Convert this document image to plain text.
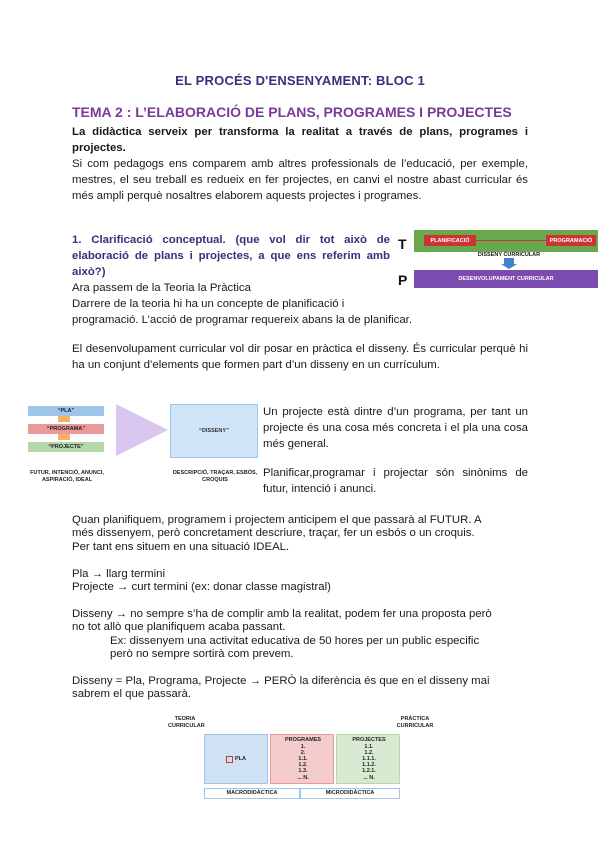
EL PROCÉS D'ENSENYAMENT: BLOC 1
TEMA 2 : L’ELABORACIÓ DE PLANS, PROGRAMES I PROJECTES
La didàctica serveix per transforma la realitat a través de plans, programes i projectes.
Si com pedagogs ens comparem amb altres professionals de l’educació, per exemple, mestres, el seu treball es redueix en fer projectes, en canvi el nostre abast curricular és més ampli perquè nosaltres elaborem aquests projectes i programes.
1. Clarificació conceptual. (que vol dir tot això de elaboració de plans i projectes, a que ens referim amb això?)
Ara passem de la Teoria la Pràctica
Darrere de la teoria hi ha un concepte de planificació i
programació. L’acció de programar requereix abans la de planificar.
T
P
PLANIFICACIÓ	PROGRAMACIÓ
DISSENY CURRICULAR
DESENVOLUPAMENT CURRICULAR
El desenvolupament curricular vol dir posar en pràctica el disseny. És curricular perquè hi ha un conjunt d’elements que formen part d’un disseny en un currículum.
“PLA”
“PROGRAMA”
“PROJECTE”
“DISSENY”
FUTUR, INTENCIÓ, ANUNCI, ASPIRACIÓ, IDEAL
DESCRIPCIÓ, TRAÇAR, ESBÓS, CROQUIS
Un projecte està dintre d’un programa, per tant un projecte és una cosa més concreta i el pla una cosa més general.
Planificar,programar i projectar són sinònims de futur, intenció i anunci.
Quan planifiquem, programem i projectem anticipem el que passarà al FUTUR. A
més dissenyem, però concretament descriure, traçar, fer un esbós o un croquis.
Per tant ens situem en una situació IDEAL.
Pla → llarg termini
Projecte → curt termini (ex: donar classe magistral)
Disseny → no sempre s’ha de complir amb la realitat, podem fer una proposta però
no tot allò que planifiquem acaba passant.
Ex: dissenyem una activitat educativa de 50 hores per un public especific
però no sempre sortirà com prevem.
Disseny = Pla, Programa, Projecte → PERÒ la diferència és que en el disseny mai
sabrem el que passarà.
TEORIA CURRICULAR
PRÀCTICA CURRICULAR
PLA
PROGRAMES
1.
2.
1.1.
1.2.
1.3.
... N.
PROJECTES
1.1.
1.2.
1.1.1.
1.1.2.
1.2.1.
... N.
MACRODIDÀCTICA	MICRODIDÀCTICA
